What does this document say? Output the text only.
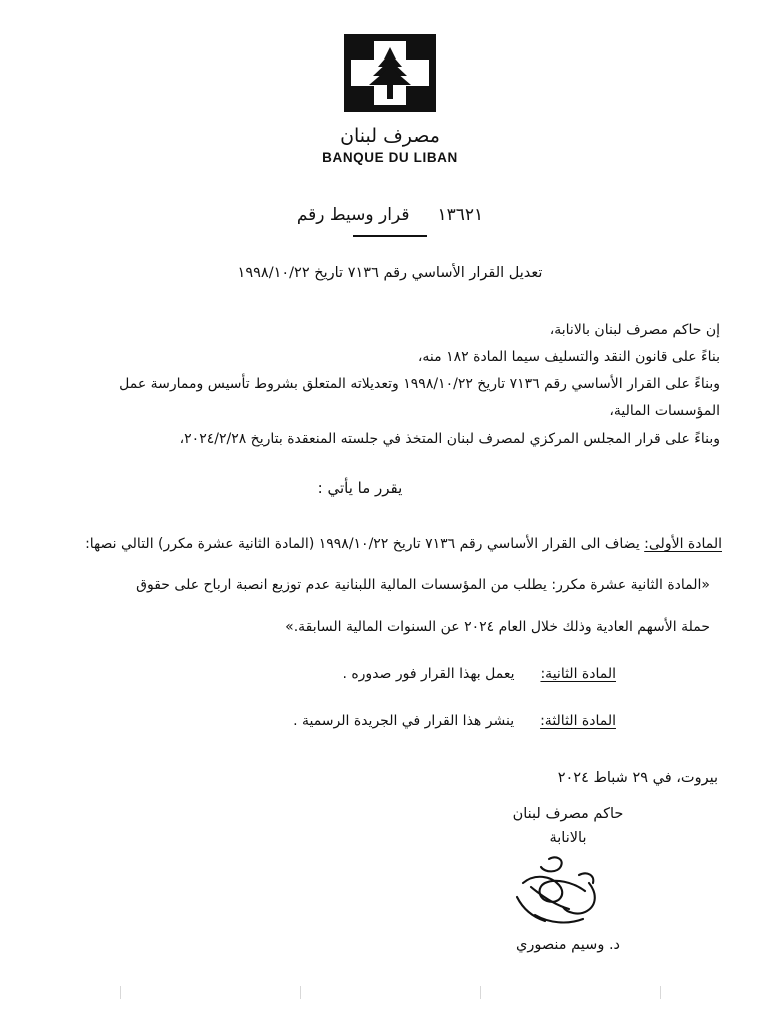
مصرف لبنان
BANQUE DU LIBAN
١٣٦٢١
قرار وسيط رقم
تعديل القرار الأساسي رقم ٧١٣٦ تاريخ ١٩٩٨/١٠/٢٢

إن حاكم مصرف لبنان بالانابة،

بناءً على قانون النقد والتسليف سيما المادة ١٨٢ منه،

وبناءً على القرار الأساسي رقم ٧١٣٦ تاريخ ١٩٩٨/١٠/٢٢ وتعديلاته المتعلق بشروط تأسيس وممارسة عمل المؤسسات المالية،

وبناءً على قرار المجلس المركزي لمصرف لبنان المتخذ في جلسته المنعقدة بتاريخ ٢٠٢٤/٢/٢٨،

يقرر ما يأتي :

المادة الأولى: يضاف الى القرار الأساسي رقم ٧١٣٦ تاريخ ١٩٩٨/١٠/٢٢ (المادة الثانية عشرة مكرر) التالي نصها:

«المادة الثانية عشرة مكرر: يطلب من المؤسسات المالية اللبنانية عدم توزيع انصبة ارباح على حقوق

حملة الأسهم العادية وذلك خلال العام ٢٠٢٤ عن السنوات المالية السابقة.»

المادة الثانية:
يعمل بهذا القرار فور صدوره .
المادة الثالثة:
ينشر هذا القرار في الجريدة الرسمية .
بيروت، في ٢٩ شباط ٢٠٢٤
حاكم مصرف لبنان
بالانابة
د. وسيم منصوري
